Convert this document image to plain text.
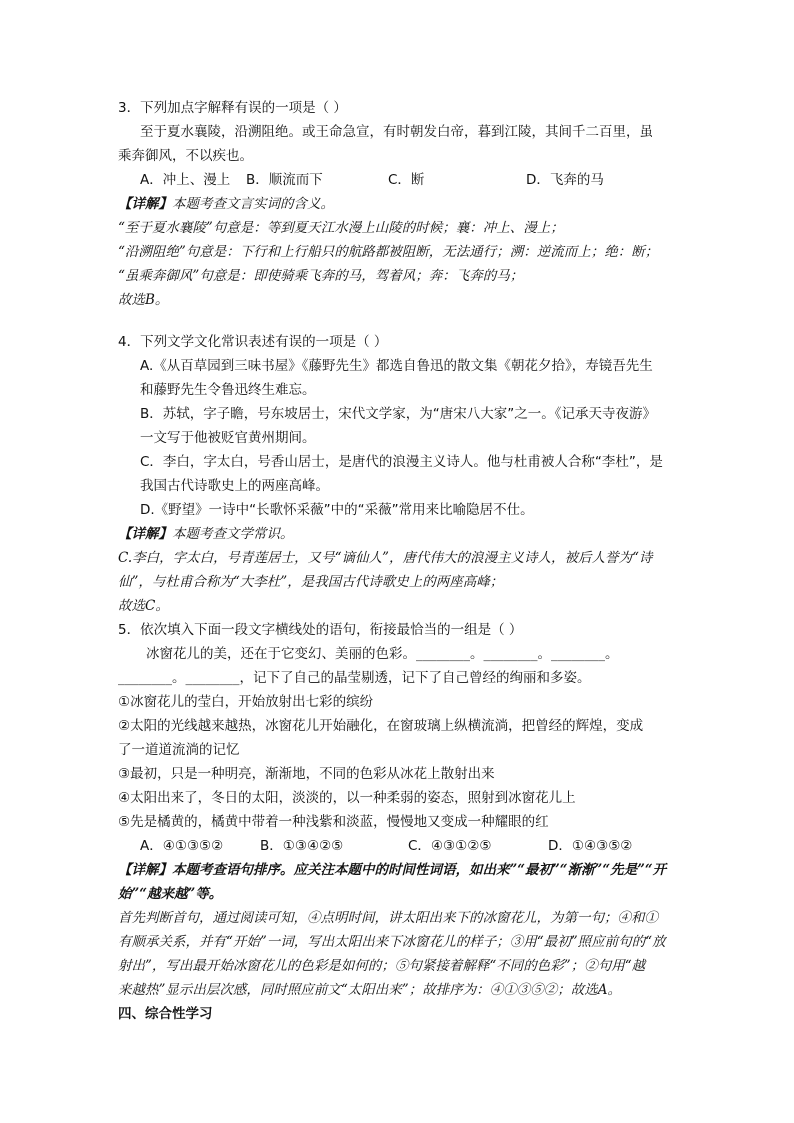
3．下列加点字解释有误的一项是（ ）
至于夏水襄陵，沿溯阻绝。或王命急宣，有时朝发白帝，暮到江陵，其间千二百里，虽
乘奔御风，不以疾也。
A．冲上、漫上 B．顺流而下	C．断	D．飞奔的马
【详解】本题考查文言实词的含义。
“至于夏水襄陵”句意是：等到夏天江水漫上山陵的时候；襄：冲上、漫上；
“沿溯阻绝”句意是：下行和上行船只的航路都被阻断，无法通行；溯：逆流而上；绝：断；
“虽乘奔御风”句意是：即使骑乘飞奔的马，驾着风；奔：飞奔的马；
故选B。
4．下列文学文化常识表述有误的一项是（ ）
A.《从百草园到三味书屋》《藤野先生》都选自鲁迅的散文集《朝花夕拾》，寿镜吾先生
和藤野先生令鲁迅终生难忘。
B．苏轼，字子瞻，号东坡居士，宋代文学家，为“唐宋八大家”之一。《记承天寺夜游》
一文写于他被贬官黄州期间。
C．李白，字太白，号香山居士，是唐代的浪漫主义诗人。他与杜甫被人合称“李杜”，是
我国古代诗歌史上的两座高峰。
D.《野望》一诗中“长歌怀采薇”中的“采薇”常用来比喻隐居不仕。
【详解】本题考查文学常识。
C.李白，字太白，号青莲居士，又号“谪仙人”，唐代伟大的浪漫主义诗人，被后人誉为“诗
仙”，与杜甫合称为“大李杜”，是我国古代诗歌史上的两座高峰；
故选C。
5．依次填入下面一段文字横线处的语句，衔接最恰当的一组是（ ）
冰窗花儿的美，还在于它变幻、美丽的色彩。________。________。________。
________。________，记下了自己的晶莹剔透，记下了自己曾经的绚丽和多姿。
①冰窗花儿的莹白，开始放射出七彩的缤纷
②太阳的光线越来越热，冰窗花儿开始融化，在窗玻璃上纵横流淌，把曾经的辉煌，变成
了一道道流淌的记忆
③最初，只是一种明亮，渐渐地，不同的色彩从冰花上散射出来
④太阳出来了，冬日的太阳，淡淡的，以一种柔弱的姿态，照射到冰窗花儿上
⑤先是橘黄的，橘黄中带着一种浅紫和淡蓝，慢慢地又变成一种耀眼的红
A．④①③⑤②	B．①③④②⑤	C．④③①②⑤	D．①④③⑤②
【详解】本题考查语句排序。应关注本题中的时间性词语，如出来”“最初”“渐渐”“先是”“开
始”“越来越”等。
首先判断首句，通过阅读可知，④点明时间，讲太阳出来下的冰窗花儿，为第一句；④和①
有顺承关系，并有“开始”一词，写出太阳出来下冰窗花儿的样子；③用“最初”照应前句的“放
射出”，写出最开始冰窗花儿的色彩是如何的；⑤句紧接着解释“不同的色彩”；②句用“越
来越热”显示出层次感，同时照应前文“太阳出来”；故排序为：④①③⑤②；故选A。
四、综合性学习
